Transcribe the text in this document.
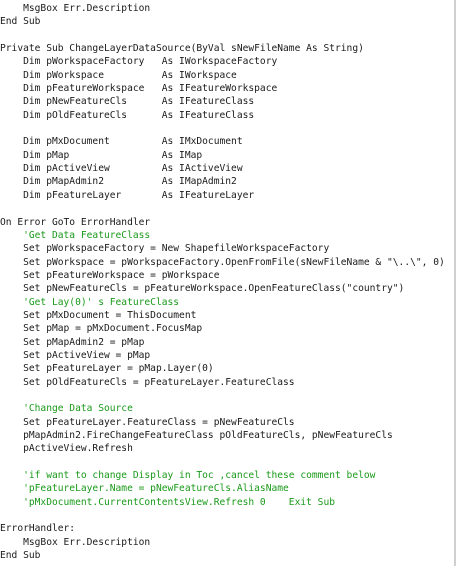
MsgBox Err.Description
End Sub
Private Sub ChangeLayerDataSource(ByVal sNewFileName As String)
Dim pWorkspaceFactory   As IWorkspaceFactory
Dim pWorkspace          As IWorkspace
Dim pFeatureWorkspace   As IFeatureWorkspace
Dim pNewFeatureCls      As IFeatureClass
Dim pOldFeatureCls      As IFeatureClass
Dim pMxDocument         As IMxDocument
Dim pMap                As IMap
Dim pActiveView         As IActiveView
Dim pMapAdmin2          As IMapAdmin2
Dim pFeatureLayer       As IFeatureLayer
On Error GoTo ErrorHandler
'Get Data FeatureClass
Set pWorkspaceFactory = New ShapefileWorkspaceFactory
Set pWorkspace = pWorkspaceFactory.OpenFromFile(sNewFileName & "\..\", 0)
Set pFeatureWorkspace = pWorkspace
Set pNewFeatureCls = pFeatureWorkspace.OpenFeatureClass("country")
'Get Lay(0)' s FeatureClass
Set pMxDocument = ThisDocument
Set pMap = pMxDocument.FocusMap
Set pMapAdmin2 = pMap
Set pActiveView = pMap
Set pFeatureLayer = pMap.Layer(0)
Set pOldFeatureCls = pFeatureLayer.FeatureClass
'Change Data Source
Set pFeatureLayer.FeatureClass = pNewFeatureCls
pMapAdmin2.FireChangeFeatureClass pOldFeatureCls, pNewFeatureCls
pActiveView.Refresh
'if want to change Display in Toc ,cancel these comment below
'pFeatureLayer.Name = pNewFeatureCls.AliasName
'pMxDocument.CurrentContentsView.Refresh 0    Exit Sub
ErrorHandler:
MsgBox Err.Description
End Sub
